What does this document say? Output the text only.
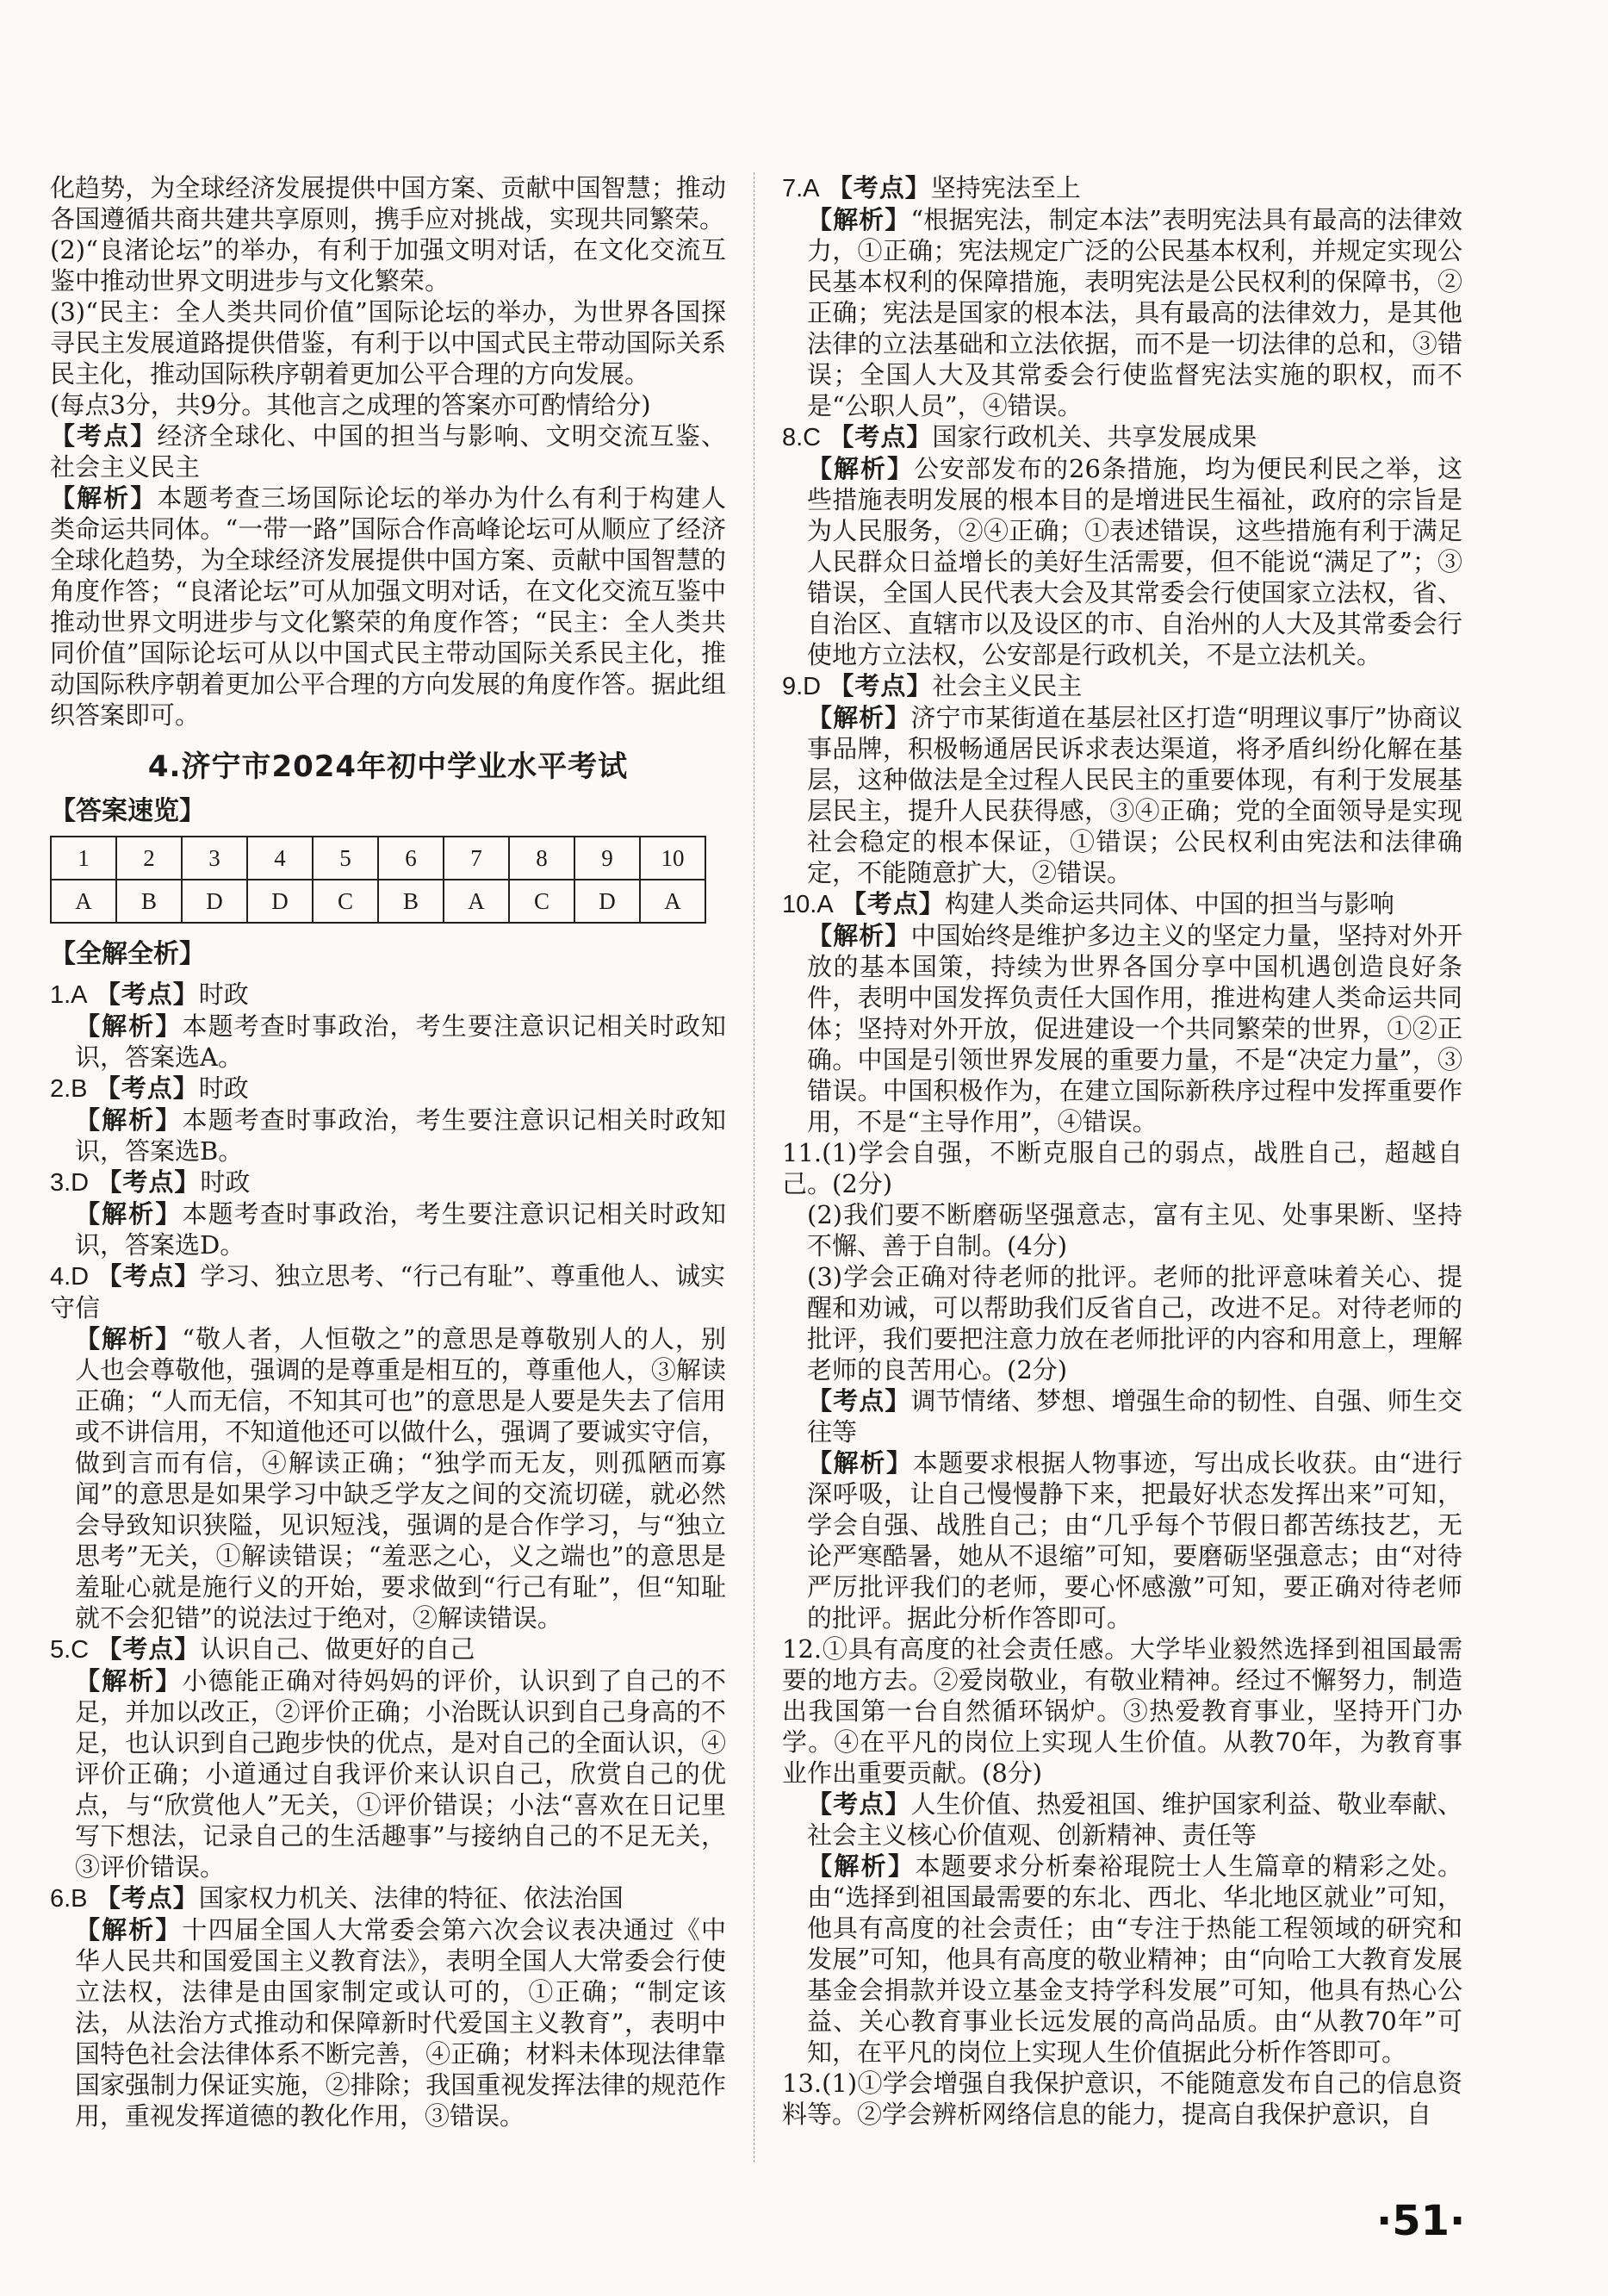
化趋势，为全球经济发展提供中国方案、贡献中国智慧；推动各国遵循共商共建共享原则，携手应对挑战，实现共同繁荣。

(2)“良渚论坛”的举办，有利于加强文明对话，在文化交流互鉴中推动世界文明进步与文化繁荣。

(3)“民主：全人类共同价值”国际论坛的举办，为世界各国探寻民主发展道路提供借鉴，有利于以中国式民主带动国际关系民主化，推动国际秩序朝着更加公平合理的方向发展。

(每点3分，共9分。其他言之成理的答案亦可酌情给分)

【考点】经济全球化、中国的担当与影响、文明交流互鉴、社会主义民主

【解析】本题考查三场国际论坛的举办为什么有利于构建人类命运共同体。“一带一路”国际合作高峰论坛可从顺应了经济全球化趋势，为全球经济发展提供中国方案、贡献中国智慧的角度作答；“良渚论坛”可从加强文明对话，在文化交流互鉴中推动世界文明进步与文化繁荣的角度作答；“民主：全人类共同价值”国际论坛可从以中国式民主带动国际关系民主化，推动国际秩序朝着更加公平合理的方向发展的角度作答。据此组织答案即可。

4.济宁市2024年初中学业水平考试
【答案速览】
1	2	3	4	5	6	7	8	9	10
A	B	D	D	C	B	A	C	D	A
【全解全析】

1.A 【考点】时政

【解析】本题考查时事政治，考生要注意识记相关时政知识，答案选A。

2.B 【考点】时政

【解析】本题考查时事政治，考生要注意识记相关时政知识，答案选B。

3.D 【考点】时政

【解析】本题考查时事政治，考生要注意识记相关时政知识，答案选D。

4.D 【考点】学习、独立思考、“行己有耻”、尊重他人、诚实守信

【解析】“敬人者，人恒敬之”的意思是尊敬别人的人，别人也会尊敬他，强调的是尊重是相互的，尊重他人，③解读正确；“人而无信，不知其可也”的意思是人要是失去了信用或不讲信用，不知道他还可以做什么，强调了要诚实守信，做到言而有信，④解读正确；“独学而无友，则孤陋而寡闻”的意思是如果学习中缺乏学友之间的交流切磋，就必然会导致知识狭隘，见识短浅，强调的是合作学习，与“独立思考”无关，①解读错误；“羞恶之心，义之端也”的意思是羞耻心就是施行义的开始，要求做到“行己有耻”，但“知耻就不会犯错”的说法过于绝对，②解读错误。

5.C 【考点】认识自己、做更好的自己

【解析】小德能正确对待妈妈的评价，认识到了自己的不足，并加以改正，②评价正确；小治既认识到自己身高的不足，也认识到自己跑步快的优点，是对自己的全面认识，④评价正确；小道通过自我评价来认识自己，欣赏自己的优点，与“欣赏他人”无关，①评价错误；小法“喜欢在日记里写下想法，记录自己的生活趣事”与接纳自己的不足无关，③评价错误。

6.B 【考点】国家权力机关、法律的特征、依法治国

【解析】十四届全国人大常委会第六次会议表决通过《中华人民共和国爱国主义教育法》，表明全国人大常委会行使立法权，法律是由国家制定或认可的，①正确；“制定该法，从法治方式推动和保障新时代爱国主义教育”，表明中国特色社会法律体系不断完善，④正确；材料未体现法律靠国家强制力保证实施，②排除；我国重视发挥法律的规范作用，重视发挥道德的教化作用，③错误。

7.A 【考点】坚持宪法至上

【解析】“根据宪法，制定本法”表明宪法具有最高的法律效力，①正确；宪法规定广泛的公民基本权利，并规定实现公民基本权利的保障措施，表明宪法是公民权利的保障书，②正确；宪法是国家的根本法，具有最高的法律效力，是其他法律的立法基础和立法依据，而不是一切法律的总和，③错误；全国人大及其常委会行使监督宪法实施的职权，而不是“公职人员”，④错误。

8.C 【考点】国家行政机关、共享发展成果

【解析】公安部发布的26条措施，均为便民利民之举，这些措施表明发展的根本目的是增进民生福祉，政府的宗旨是为人民服务，②④正确；①表述错误，这些措施有利于满足人民群众日益增长的美好生活需要，但不能说“满足了”；③错误，全国人民代表大会及其常委会行使国家立法权，省、自治区、直辖市以及设区的市、自治州的人大及其常委会行使地方立法权，公安部是行政机关，不是立法机关。

9.D 【考点】社会主义民主

【解析】济宁市某街道在基层社区打造“明理议事厅”协商议事品牌，积极畅通居民诉求表达渠道，将矛盾纠纷化解在基层，这种做法是全过程人民民主的重要体现，有利于发展基层民主，提升人民获得感，③④正确；党的全面领导是实现社会稳定的根本保证，①错误；公民权利由宪法和法律确定，不能随意扩大，②错误。

10.A 【考点】构建人类命运共同体、中国的担当与影响

【解析】中国始终是维护多边主义的坚定力量，坚持对外开放的基本国策，持续为世界各国分享中国机遇创造良好条件，表明中国发挥负责任大国作用，推进构建人类命运共同体；坚持对外开放，促进建设一个共同繁荣的世界，①②正确。中国是引领世界发展的重要力量，不是“决定力量”，③错误。中国积极作为，在建立国际新秩序过程中发挥重要作用，不是“主导作用”，④错误。

11.(1)学会自强，不断克服自己的弱点，战胜自己，超越自己。(2分)

(2)我们要不断磨砺坚强意志，富有主见、处事果断、坚持不懈、善于自制。(4分)

(3)学会正确对待老师的批评。老师的批评意味着关心、提醒和劝诫，可以帮助我们反省自己，改进不足。对待老师的批评，我们要把注意力放在老师批评的内容和用意上，理解老师的良苦用心。(2分)

【考点】调节情绪、梦想、增强生命的韧性、自强、师生交往等

【解析】本题要求根据人物事迹，写出成长收获。由“进行深呼吸，让自己慢慢静下来，把最好状态发挥出来”可知，学会自强、战胜自己；由“几乎每个节假日都苦练技艺，无论严寒酷暑，她从不退缩”可知，要磨砺坚强意志；由“对待严厉批评我们的老师，要心怀感激”可知，要正确对待老师的批评。据此分析作答即可。

12.①具有高度的社会责任感。大学毕业毅然选择到祖国最需要的地方去。②爱岗敬业，有敬业精神。经过不懈努力，制造出我国第一台自然循环锅炉。③热爱教育事业，坚持开门办学。④在平凡的岗位上实现人生价值。从教70年，为教育事业作出重要贡献。(8分)

【考点】人生价值、热爱祖国、维护国家利益、敬业奉献、社会主义核心价值观、创新精神、责任等

【解析】本题要求分析秦裕琨院士人生篇章的精彩之处。由“选择到祖国最需要的东北、西北、华北地区就业”可知，他具有高度的社会责任；由“专注于热能工程领域的研究和发展”可知，他具有高度的敬业精神；由“向哈工大教育发展基金会捐款并设立基金支持学科发展”可知，他具有热心公益、关心教育事业长远发展的高尚品质。由“从教70年”可知，在平凡的岗位上实现人生价值据此分析作答即可。

13.(1)①学会增强自我保护意识，不能随意发布自己的信息资料等。②学会辨析网络信息的能力，提高自我保护意识，自

·51·
